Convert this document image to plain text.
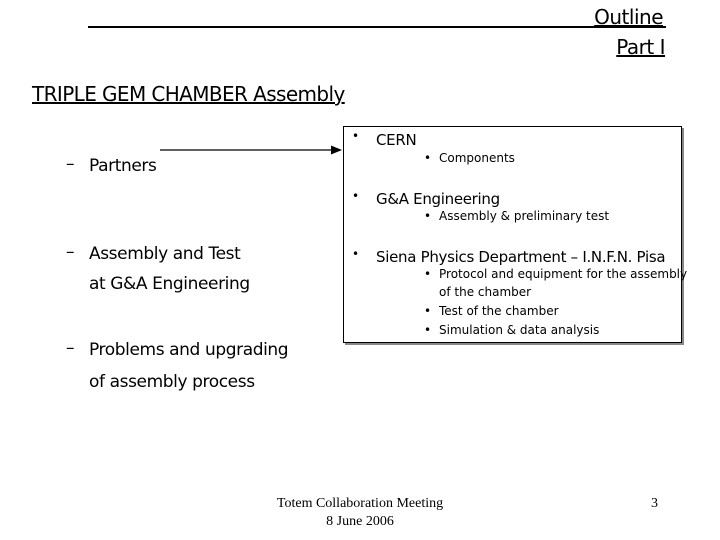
Outline
Part I
TRIPLE GEM CHAMBER Assembly
– Partners
– Assembly and Test
at G&A Engineering
– Problems and upgrading
of assembly process
• CERN
• Components
• G&A Engineering
• Assembly & preliminary test
• Siena Physics Department – I.N.F.N. Pisa
• Protocol and equipment for the assembly
of the chamber
• Test of the chamber
• Simulation & data analysis
Totem Collaboration Meeting
8 June 2006
3
